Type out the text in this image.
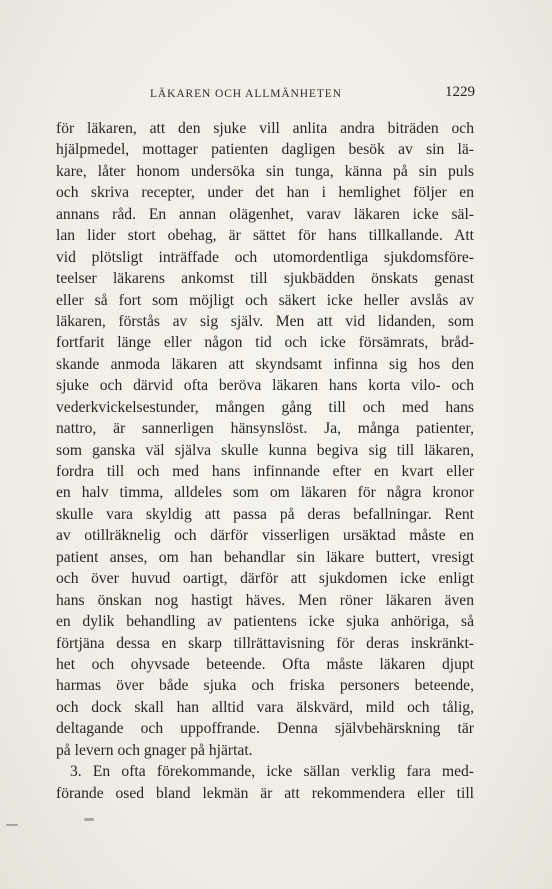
LÄKAREN OCH ALLMÄNHETEN	1229
för läkaren, att den sjuke vill anlita andra biträden och
hjälpmedel, mottager patienten dagligen besök av sin lä-
kare, låter honom undersöka sin tunga, känna på sin puls
och skriva recepter, under det han i hemlighet följer en
annans råd. En annan olägenhet, varav läkaren icke säl-
lan lider stort obehag, är sättet för hans tillkallande. Att
vid plötsligt inträffade och utomordentliga sjukdomsföre-
teelser läkarens ankomst till sjukbädden önskats genast
eller så fort som möjligt och säkert icke heller avslås av
läkaren, förstås av sig själv. Men att vid lidanden, som
fortfarit länge eller någon tid och icke försämrats, bråd-
skande anmoda läkaren att skyndsamt infinna sig hos den
sjuke och därvid ofta beröva läkaren hans korta vilo- och
vederkvickelsestunder, mången gång till och med hans
nattro, är sannerligen hänsynslöst. Ja, många patienter,
som ganska väl själva skulle kunna begiva sig till läkaren,
fordra till och med hans infinnande efter en kvart eller
en halv timma, alldeles som om läkaren för några kronor
skulle vara skyldig att passa på deras befallningar. Rent
av otillräknelig och därför visserligen ursäktad måste en
patient anses, om han behandlar sin läkare buttert, vresigt
och över huvud oartigt, därför att sjukdomen icke enligt
hans önskan nog hastigt häves. Men röner läkaren även
en dylik behandling av patientens icke sjuka anhöriga, så
förtjäna dessa en skarp tillrättavisning för deras inskränkt-
het och ohyvsade beteende. Ofta måste läkaren djupt
harmas över både sjuka och friska personers beteende,
och dock skall han alltid vara älskvärd, mild och tålig,
deltagande och uppoffrande. Denna självbehärskning tär
på levern och gnager på hjärtat.
3. En ofta förekommande, icke sällan verklig fara med-
förande osed bland lekmän är att rekommendera eller till
